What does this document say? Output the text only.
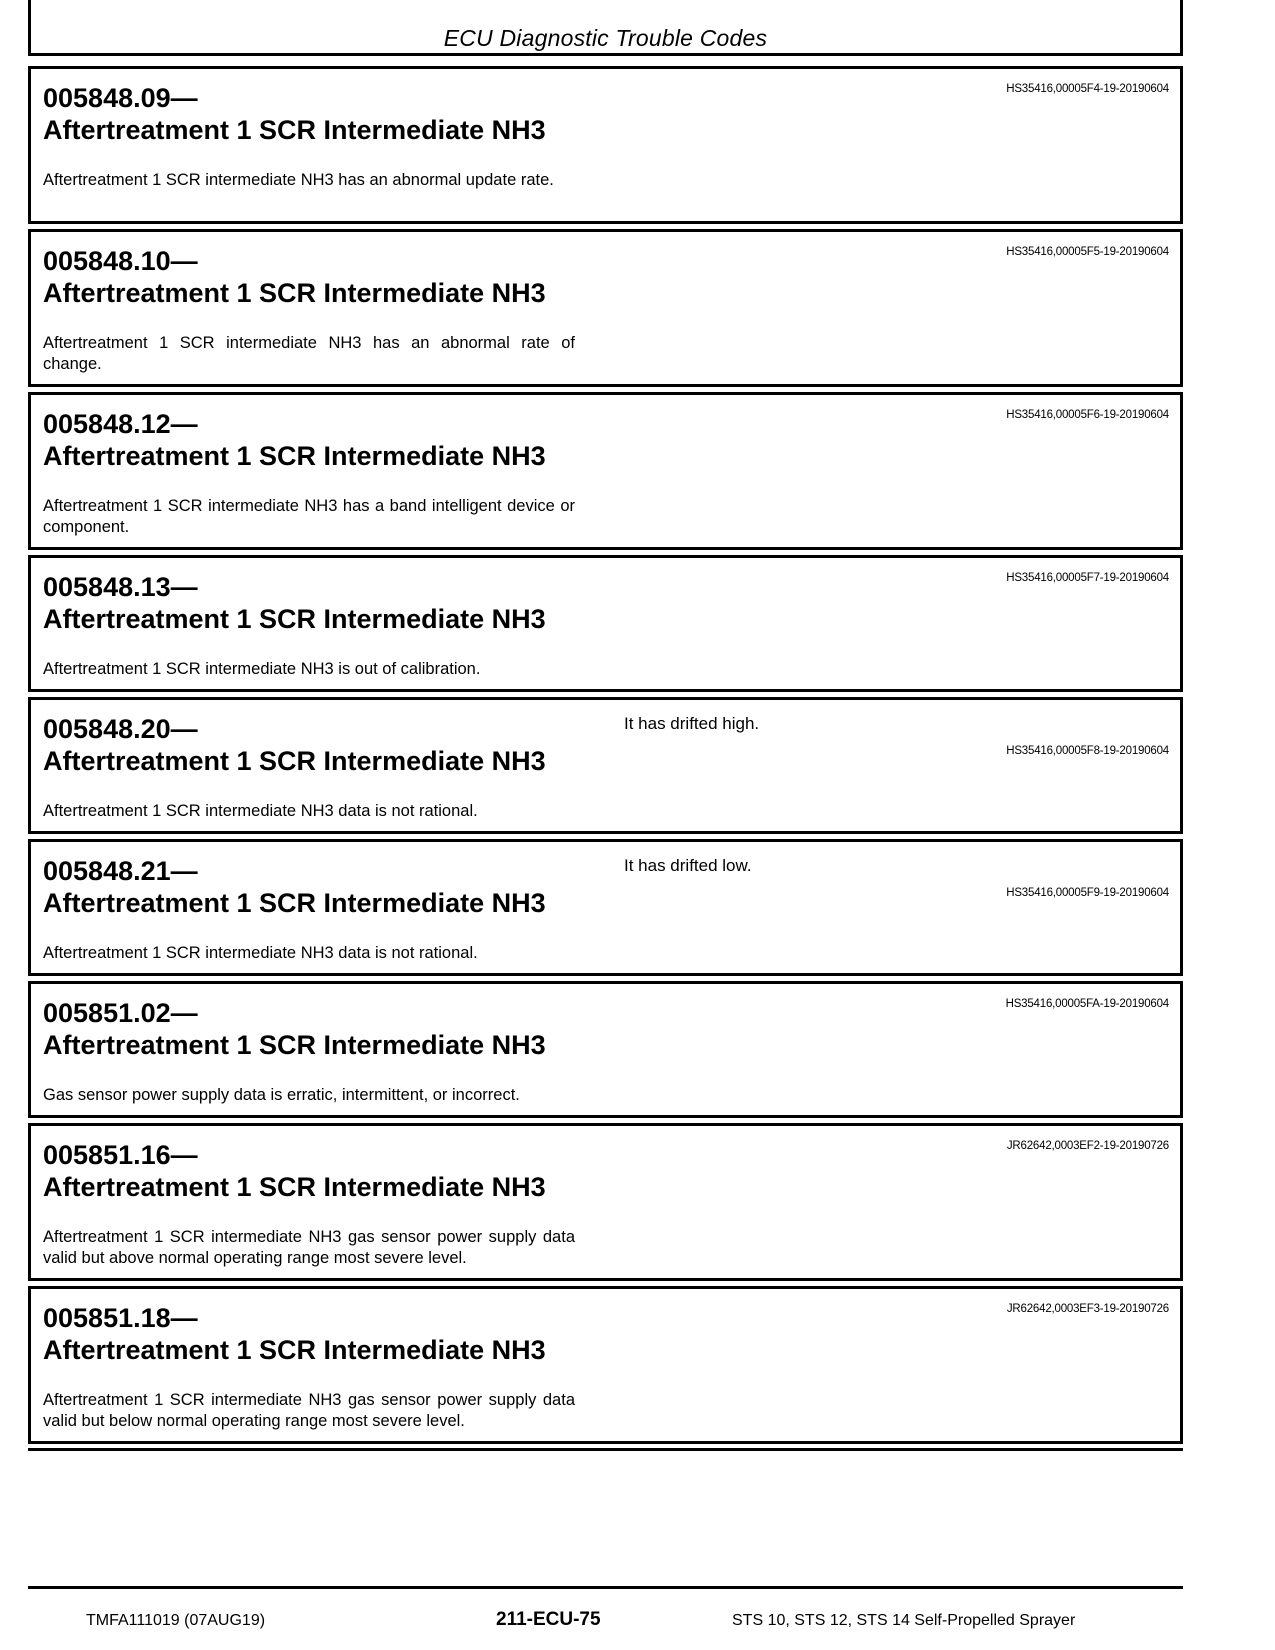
ECU Diagnostic Trouble Codes
005848.09—
Aftertreatment 1 SCR Intermediate NH3
HS35416,00005F4-19-20190604
Aftertreatment 1 SCR intermediate NH3 has an abnormal update rate.
005848.10—
Aftertreatment 1 SCR Intermediate NH3
HS35416,00005F5-19-20190604
Aftertreatment 1 SCR intermediate NH3 has an abnormal rate of change.
005848.12—
Aftertreatment 1 SCR Intermediate NH3
HS35416,00005F6-19-20190604
Aftertreatment 1 SCR intermediate NH3 has a band intelligent device or component.
005848.13—
Aftertreatment 1 SCR Intermediate NH3
HS35416,00005F7-19-20190604
Aftertreatment 1 SCR intermediate NH3 is out of calibration.
005848.20—
Aftertreatment 1 SCR Intermediate NH3
It has drifted high.
HS35416,00005F8-19-20190604
Aftertreatment 1 SCR intermediate NH3 data is not rational.
005848.21—
Aftertreatment 1 SCR Intermediate NH3
It has drifted low.
HS35416,00005F9-19-20190604
Aftertreatment 1 SCR intermediate NH3 data is not rational.
005851.02—
Aftertreatment 1 SCR Intermediate NH3
HS35416,00005FA-19-20190604
Gas sensor power supply data is erratic, intermittent, or incorrect.
005851.16—
Aftertreatment 1 SCR Intermediate NH3
JR62642,0003EF2-19-20190726
Aftertreatment 1 SCR intermediate NH3 gas sensor power supply data valid but above normal operating range most severe level.
005851.18—
Aftertreatment 1 SCR Intermediate NH3
JR62642,0003EF3-19-20190726
Aftertreatment 1 SCR intermediate NH3 gas sensor power supply data valid but below normal operating range most severe level.
TMFA111019 (07AUG19)	211-ECU-75	STS 10, STS 12, STS 14 Self-Propelled Sprayer
